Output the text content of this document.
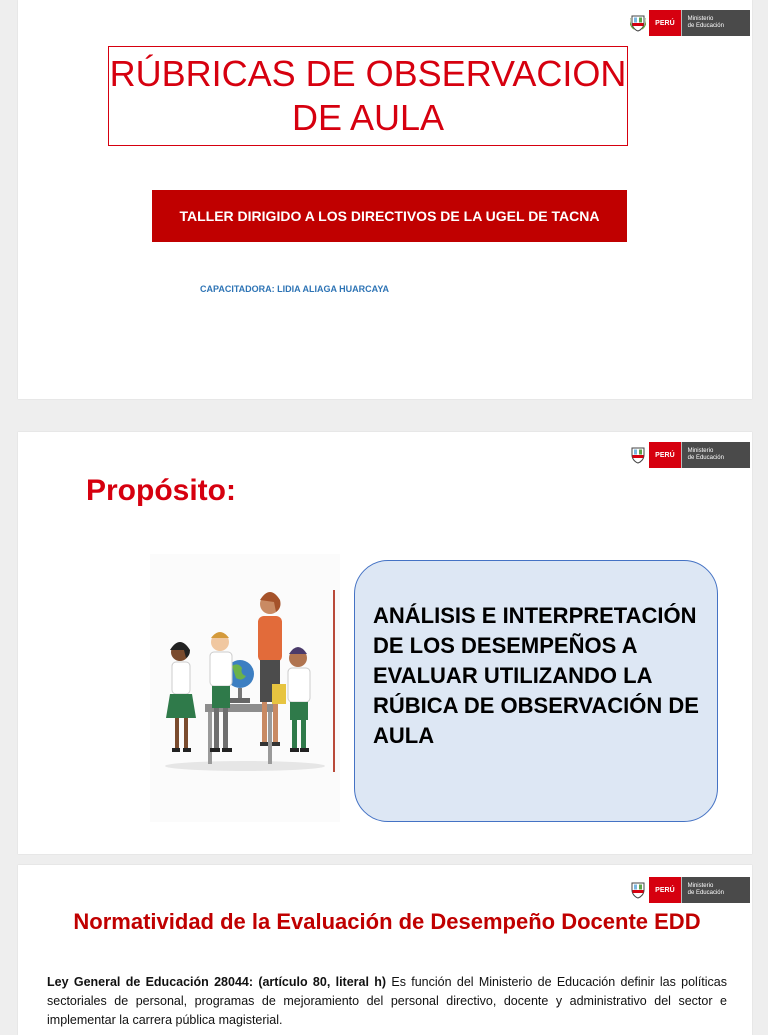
PERÚ
Ministerio
de Educación
RÚBRICAS DE OBSERVACION DE AULA
TALLER DIRIGIDO A LOS DIRECTIVOS DE LA UGEL DE TACNA
CAPACITADORA: LIDIA ALIAGA HUARCAYA
PERÚ
Ministerio
de Educación
Propósito:
ANÁLISIS E INTERPRETACIÓN DE LOS DESEMPEÑOS A EVALUAR UTILIZANDO LA RÚBICA DE OBSERVACIÓN DE AULA
PERÚ
Ministerio
de Educación
Normatividad de la Evaluación de Desempeño Docente EDD
Ley General de Educación 28044: (artículo 80, literal h) Es función del Ministerio de Educación definir las políticas sectoriales de personal, programas de mejoramiento del personal directivo, docente y administrativo del sector e implementar la carrera pública magisterial.
